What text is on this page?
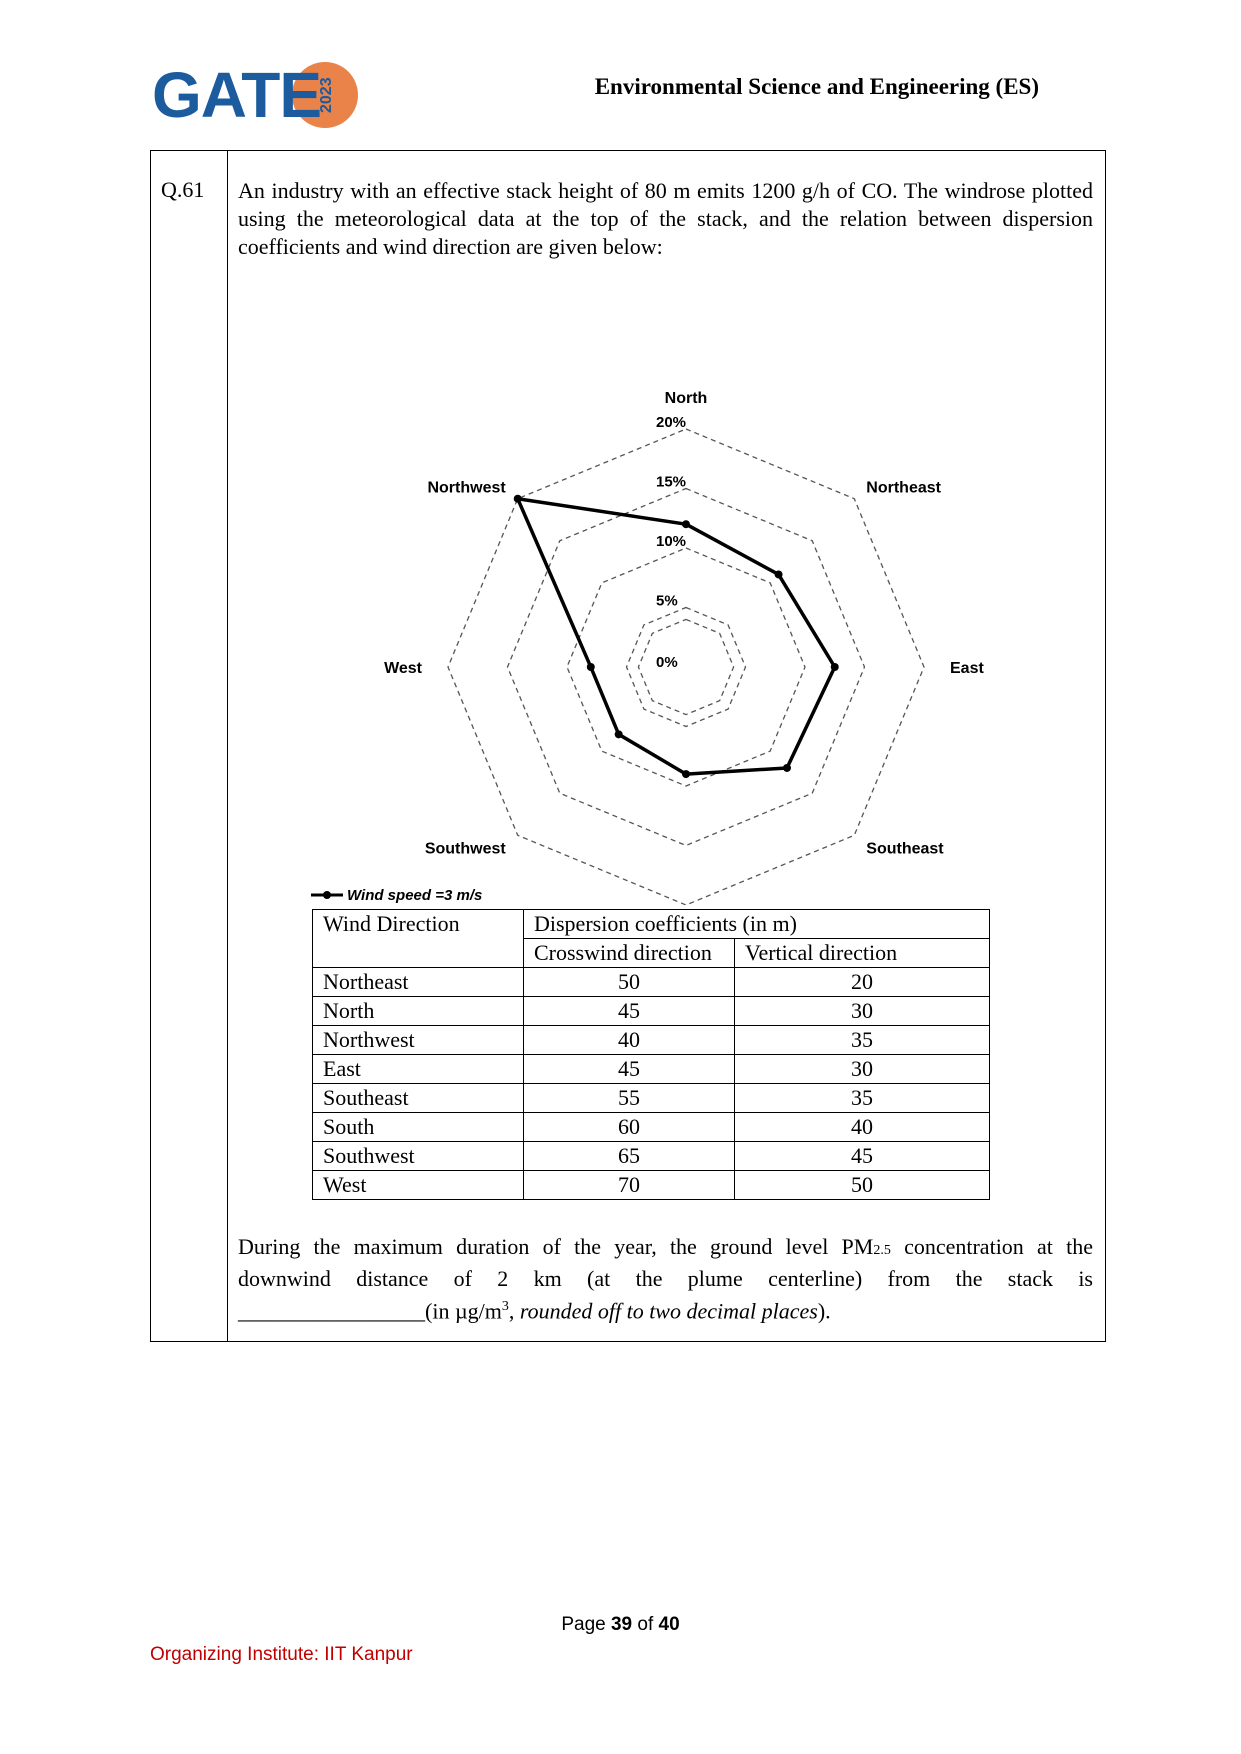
GATE
2023	Environmental Science and Engineering (ES)
Q.61 An industry with an effective stack height of 80 m emits 1200 g/h of CO. The windrose plotted using the meteorological data at the top of the stack, and the relation between dispersion coefficients and wind direction are given below:
0%
5%
10%
15%
20%
North
Northeast
East
Southeast
Southwest
West
Northwest
Wind speed =3 m/s
Wind Direction	Dispersion coefficients (in m)	
	Crosswind direction	Vertical direction
Northeast	50	20
North	45	30
Northwest	40	35
East	45	30
Southeast	55	35
South	60	40
Southwest	65	45
West	70	50
During the maximum duration of the year, the ground level PM2.5 concentration at the
downwind distance of 2 km (at the plume centerline) from the stack is
_________________(in $\mu g/m^3$, rounded off to two decimal places).
Page 39 of 40
Organizing Institute: IIT Kanpur
